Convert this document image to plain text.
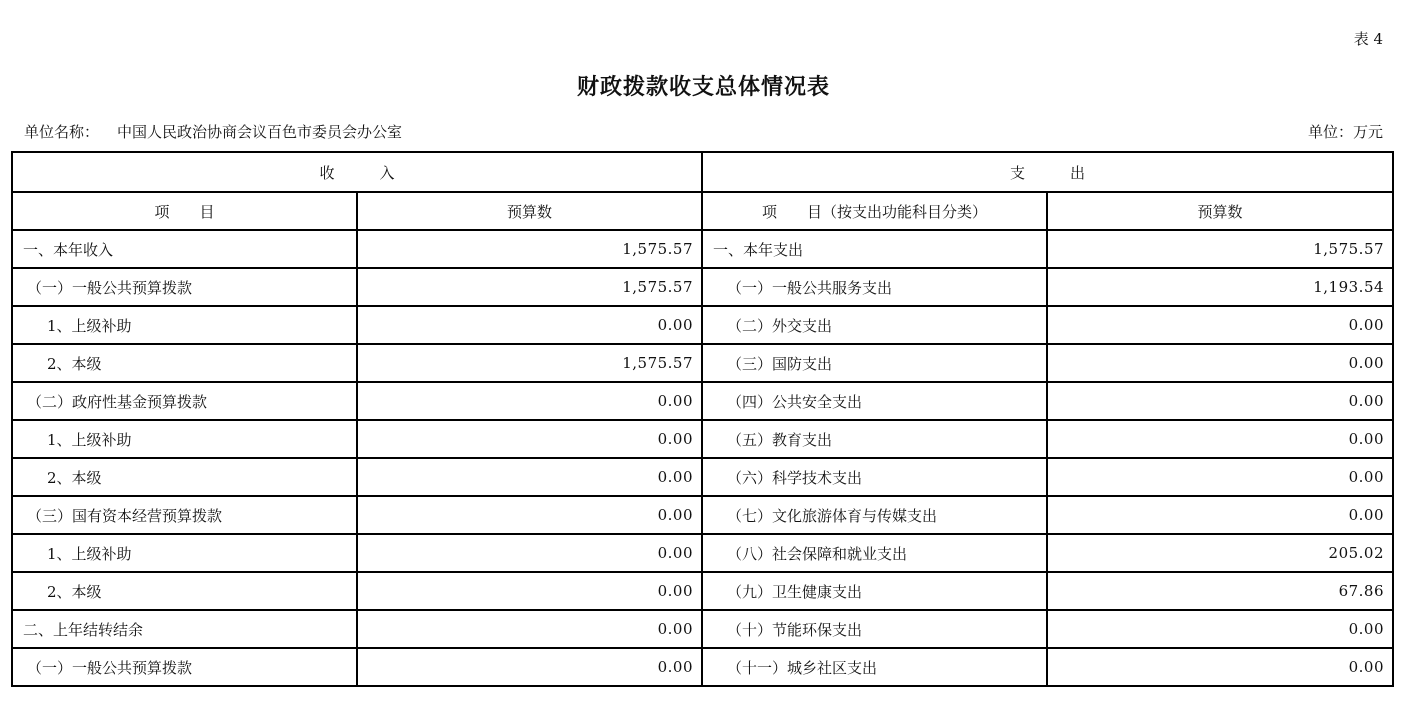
表 4
财政拨款收支总体情况表
单位名称： 中国人民政治协商会议百色市委员会办公室	单位：万元
收　　　入		支　　　出	
项　　目	预算数	项　　目（按支出功能科目分类）	预算数
一、本年收入	1,575.57	一、本年支出	1,575.57
（一）一般公共预算拨款	1,575.57	（一）一般公共服务支出	1,193.54
1、上级补助	0.00	（二）外交支出	0.00
2、本级	1,575.57	（三）国防支出	0.00
（二）政府性基金预算拨款	0.00	（四）公共安全支出	0.00
1、上级补助	0.00	（五）教育支出	0.00
2、本级	0.00	（六）科学技术支出	0.00
（三）国有资本经营预算拨款	0.00	（七）文化旅游体育与传媒支出	0.00
1、上级补助	0.00	（八）社会保障和就业支出	205.02
2、本级	0.00	（九）卫生健康支出	67.86
二、上年结转结余	0.00	（十）节能环保支出	0.00
（一）一般公共预算拨款	0.00	（十一）城乡社区支出	0.00
